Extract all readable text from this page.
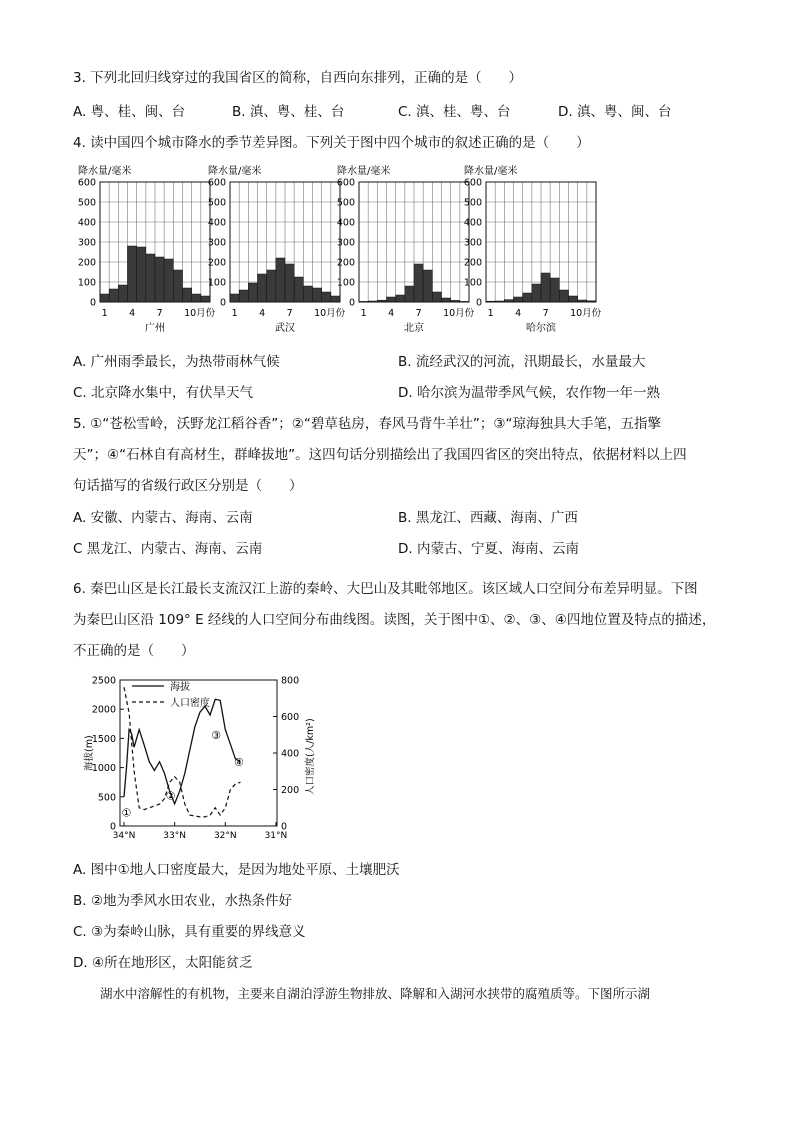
3. 下列北回归线穿过的我国省区的简称，自西向东排列，正确的是（　　）
A. 粤、桂、闽、台	B. 滇、粤、桂、台	C. 滇、桂、粤、台	D. 滇、粤、闽、台
4. 读中国四个城市降水的季节差异图。下列关于图中四个城市的叙述正确的是（　　）
降水量/毫米
0
100
200
300
400
500
600
1 4 7 10月份
广州
降水量/毫米
0
100
200
300
400
500
600
1 4 7 10月份
武汉
降水量/毫米
0
100
200
300
400
500
600
1 4 7 10月份
北京
降水量/毫米
0
100
200
300
400
500
600
1 4 7 10月份
哈尔滨
A. 广州雨季最长，为热带雨林气候	B. 流经武汉的河流，汛期最长，水量最大
C. 北京降水集中，有伏旱天气	D. 哈尔滨为温带季风气候，农作物一年一熟
5. ①“苍松雪岭，沃野龙江稻谷香”；②“碧草毡房，春风马背牛羊壮”；③“琼海独具大手笔，五指擎
天”；④“石林自有高材生，群峰拔地”。这四句话分别描绘出了我国四省区的突出特点，依据材料以上四
句话描写的省级行政区分别是（　　）
A. 安徽、内蒙古、海南、云南	B. 黑龙江、西藏、海南、广西
C 黑龙江、内蒙古、海南、云南	D. 内蒙古、宁夏、海南、云南
6. 秦巴山区是长江最长支流汉江上游的秦岭、大巴山及其毗邻地区。该区域人口空间分布差异明显。下图
为秦巴山区沿 109° E 经线的人口空间分布曲线图。读图，关于图中①、②、③、④四地位置及特点的描述，
不正确的是（　　）
0
500
1000
1500
2000
2500
0
200
400
600
800
34°N	33°N	32°N	31°N
海拔(m)	人口密度(人/km²)
海拔
人口密度
①
②
③
④
A. 图中①地人口密度最大，是因为地处平原、土壤肥沃
B. ②地为季风水田农业，水热条件好
C. ③为秦岭山脉，具有重要的界线意义
D. ④所在地形区，太阳能贫乏
湖水中溶解性的有机物，主要来自湖泊浮游生物排放、降解和入湖河水挟带的腐殖质等。下图所示湖
